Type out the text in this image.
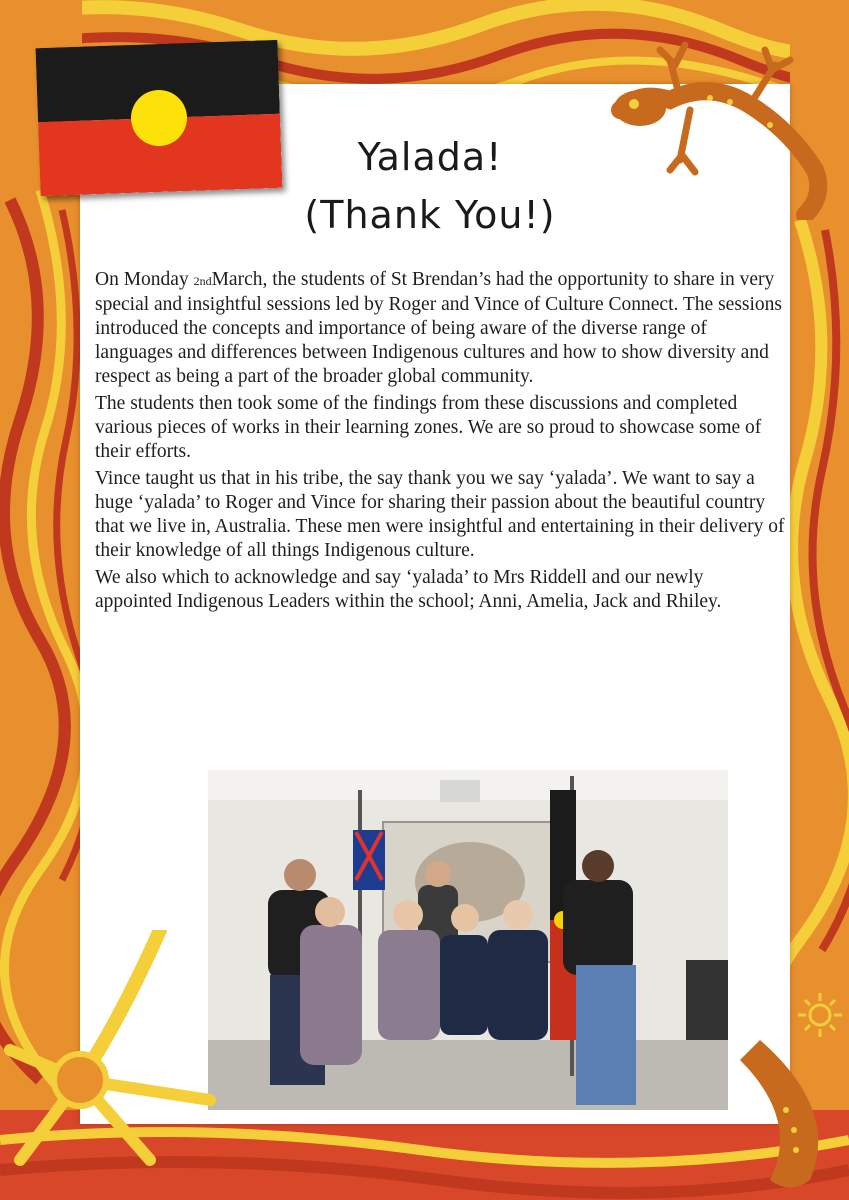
Yalada!
(Thank You!)

On Monday 2ndMarch, the students of St Brendan’s had the opportunity to share in very special and insightful sessions led by Roger and Vince of Culture Connect. The sessions introduced the concepts and importance of being aware of the diverse range of languages and differences between Indigenous cultures and how to show diversity and respect as being a part of the broader global community.

The students then took some of the findings from these discussions and completed various pieces of works in their learning zones. We are so proud to showcase some of their efforts.

Vince taught us that in his tribe, the say thank you we say ‘yalada’. We want to say a huge ‘yalada’ to Roger and Vince for sharing their passion about the beautiful country that we live in, Australia. These men were insightful and entertaining in their delivery of their knowledge of all things Indigenous culture.

We also which to acknowledge and say ‘yalada’ to Mrs Riddell and our newly appointed Indigenous Leaders within the school; Anni, Amelia, Jack and Rhiley.
